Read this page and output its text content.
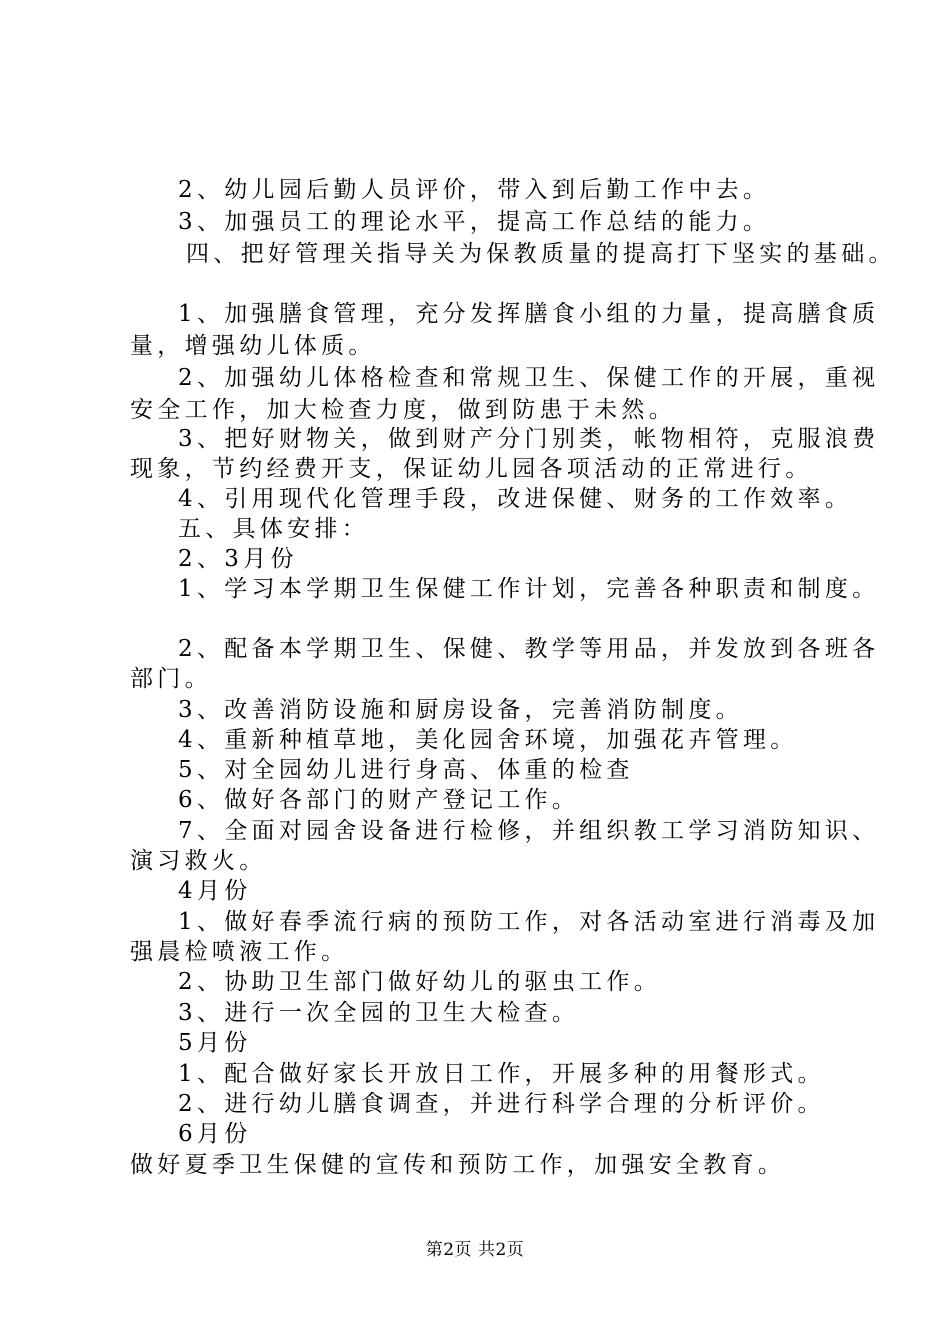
2、幼儿园后勤人员评价，带入到后勤工作中去。
3、加强员工的理论水平，提高工作总结的能力。
四、把好管理关指导关为保教质量的提高打下坚实的基础。
1、加强膳食管理，充分发挥膳食小组的力量，提高膳食质
量，增强幼儿体质。
2、加强幼儿体格检查和常规卫生、保健工作的开展，重视
安全工作，加大检查力度，做到防患于未然。
3、把好财物关，做到财产分门别类，帐物相符，克服浪费
现象，节约经费开支，保证幼儿园各项活动的正常进行。
4、引用现代化管理手段，改进保健、财务的工作效率。
五、具体安排：
2、3月份
1、学习本学期卫生保健工作计划，完善各种职责和制度。
2、配备本学期卫生、保健、教学等用品，并发放到各班各
部门。
3、改善消防设施和厨房设备，完善消防制度。
4、重新种植草地，美化园舍环境，加强花卉管理。
5、对全园幼儿进行身高、体重的检查
6、做好各部门的财产登记工作。
7、全面对园舍设备进行检修，并组织教工学习消防知识、
演习救火。
4月份
1、做好春季流行病的预防工作，对各活动室进行消毒及加
强晨检喷液工作。
2、协助卫生部门做好幼儿的驱虫工作。
3、进行一次全园的卫生大检查。
5月份
1、配合做好家长开放日工作，开展多种的用餐形式。
2、进行幼儿膳食调查，并进行科学合理的分析评价。
6月份
做好夏季卫生保健的宣传和预防工作，加强安全教育。
第2页 共2页
